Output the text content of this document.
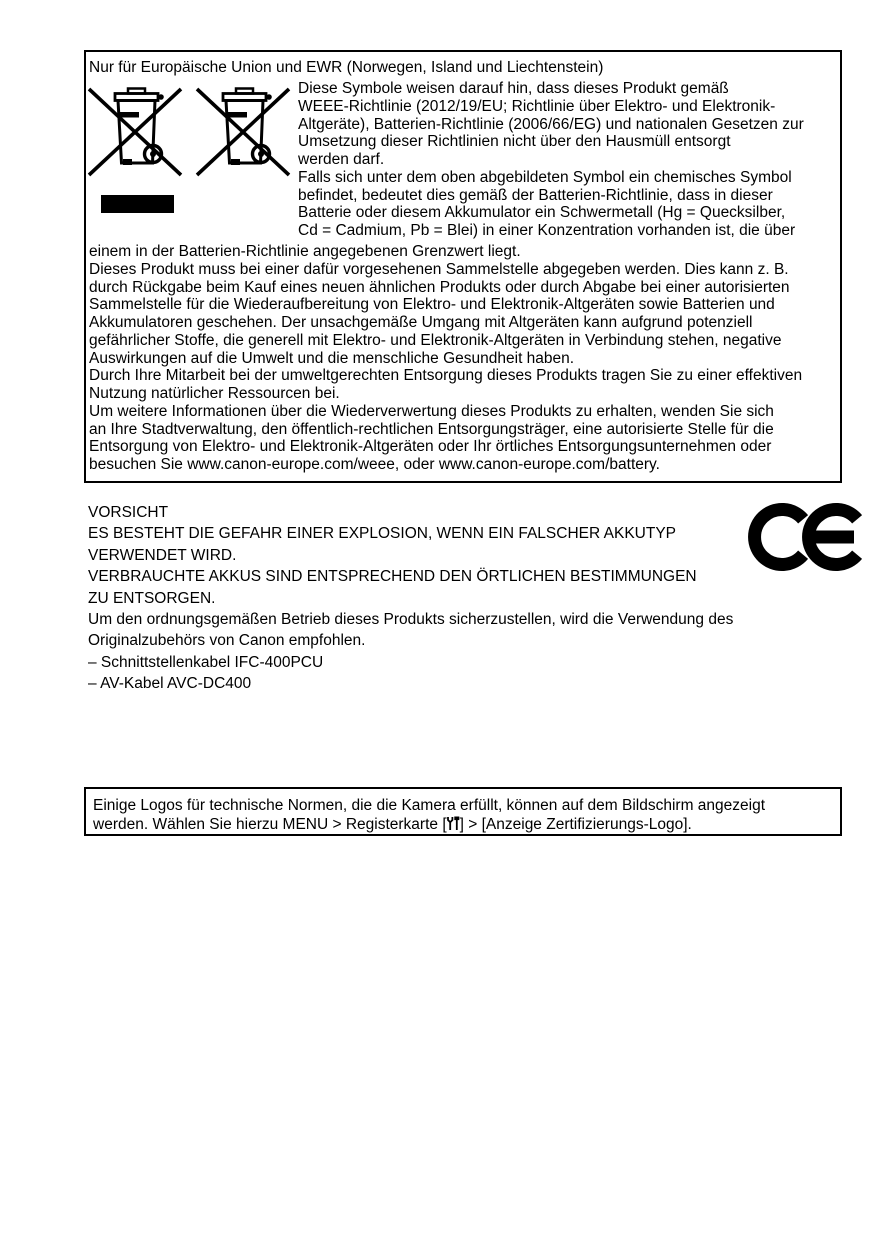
Nur für Europäische Union und EWR (Norwegen, Island und Liechtenstein)
Diese Symbole weisen darauf hin, dass dieses Produkt gemäß
WEEE-Richtlinie (2012/19/EU; Richtlinie über Elektro- und Elektronik-
Altgeräte), Batterien-Richtlinie (2006/66/EG) und nationalen Gesetzen zur
Umsetzung dieser Richtlinien nicht über den Hausmüll entsorgt
werden darf.
Falls sich unter dem oben abgebildeten Symbol ein chemisches Symbol
befindet, bedeutet dies gemäß der Batterien-Richtlinie, dass in dieser
Batterie oder diesem Akkumulator ein Schwermetall (Hg = Quecksilber,
Cd = Cadmium, Pb = Blei) in einer Konzentration vorhanden ist, die über
einem in der Batterien-Richtlinie angegebenen Grenzwert liegt.
Dieses Produkt muss bei einer dafür vorgesehenen Sammelstelle abgegeben werden. Dies kann z. B.
durch Rückgabe beim Kauf eines neuen ähnlichen Produkts oder durch Abgabe bei einer autorisierten
Sammelstelle für die Wiederaufbereitung von Elektro- und Elektronik-Altgeräten sowie Batterien und
Akkumulatoren geschehen. Der unsachgemäße Umgang mit Altgeräten kann aufgrund potenziell
gefährlicher Stoffe, die generell mit Elektro- und Elektronik-Altgeräten in Verbindung stehen, negative
Auswirkungen auf die Umwelt und die menschliche Gesundheit haben.
Durch Ihre Mitarbeit bei der umweltgerechten Entsorgung dieses Produkts tragen Sie zu einer effektiven
Nutzung natürlicher Ressourcen bei.
Um weitere Informationen über die Wiederverwertung dieses Produkts zu erhalten, wenden Sie sich
an Ihre Stadtverwaltung, den öffentlich-rechtlichen Entsorgungsträger, eine autorisierte Stelle für die
Entsorgung von Elektro- und Elektronik-Altgeräten oder Ihr örtliches Entsorgungsunternehmen oder
besuchen Sie www.canon-europe.com/weee, oder www.canon-europe.com/battery.
VORSICHT
ES BESTEHT DIE GEFAHR EINER EXPLOSION, WENN EIN FALSCHER AKKUTYP
VERWENDET WIRD.
VERBRAUCHTE AKKUS SIND ENTSPRECHEND DEN ÖRTLICHEN BESTIMMUNGEN
ZU ENTSORGEN.
Um den ordnungsgemäßen Betrieb dieses Produkts sicherzustellen, wird die Verwendung des
Originalzubehörs von Canon empfohlen.
– Schnittstellenkabel IFC-400PCU
– AV-Kabel AVC-DC400
Einige Logos für technische Normen, die die Kamera erfüllt, können auf dem Bildschirm angezeigt
werden. Wählen Sie hierzu MENU > Registerkarte [ ] > [Anzeige Zertifizierungs-Logo].
